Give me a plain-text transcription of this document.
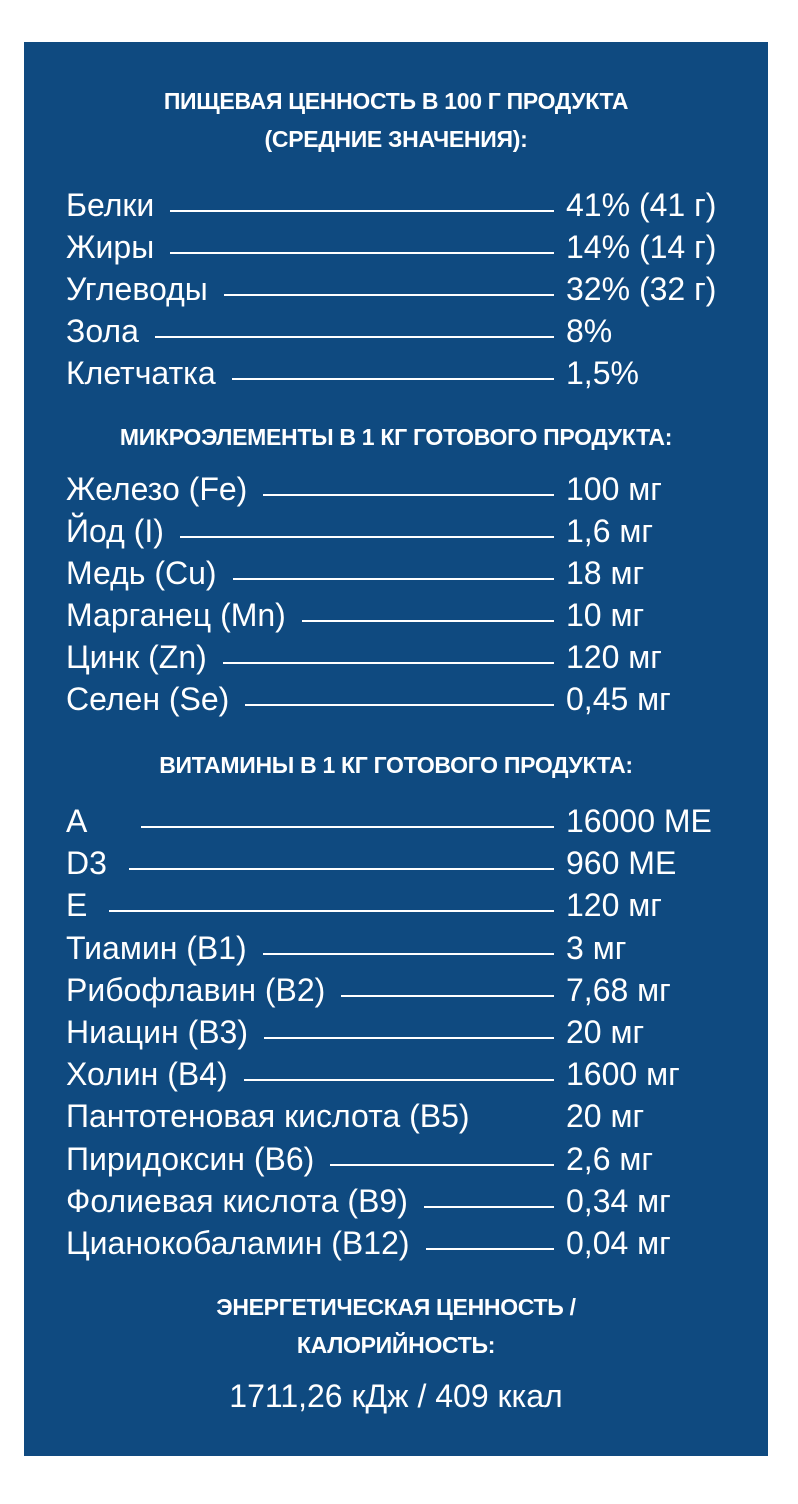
ПИЩЕВАЯ ЦЕННОСТЬ В 100 Г ПРОДУКТА
(СРЕДНИЕ ЗНАЧЕНИЯ):
Белки	41% (41 г)
Жиры	14% (14 г)
Углеводы	32% (32 г)
Зола	8%
Клетчатка	1,5%
МИКРОЭЛЕМЕНТЫ В 1 КГ ГОТОВОГО ПРОДУКТА:
Железо (Fe)	100 мг
Йод (I)	1,6 мг
Медь (Cu)	18 мг
Марганец (Mn)	10 мг
Цинк (Zn)	120 мг
Селен (Se)	0,45 мг
ВИТАМИНЫ В 1 КГ ГОТОВОГО ПРОДУКТА:
A	16000 МЕ
D3	960 МЕ
E	120 мг
Тиамин (B1)	3 мг
Рибофлавин (B2)	7,68 мг
Ниацин (B3)	20 мг
Холин (B4)	1600 мг
Пантотеновая кислота (B5)	20 мг
Пиридоксин (B6)	2,6 мг
Фолиевая кислота (B9)	0,34 мг
Цианокобаламин (B12)	0,04 мг
ЭНЕРГЕТИЧЕСКАЯ ЦЕННОСТЬ /
КАЛОРИЙНОСТЬ:
1711,26 кДж / 409 ккал
